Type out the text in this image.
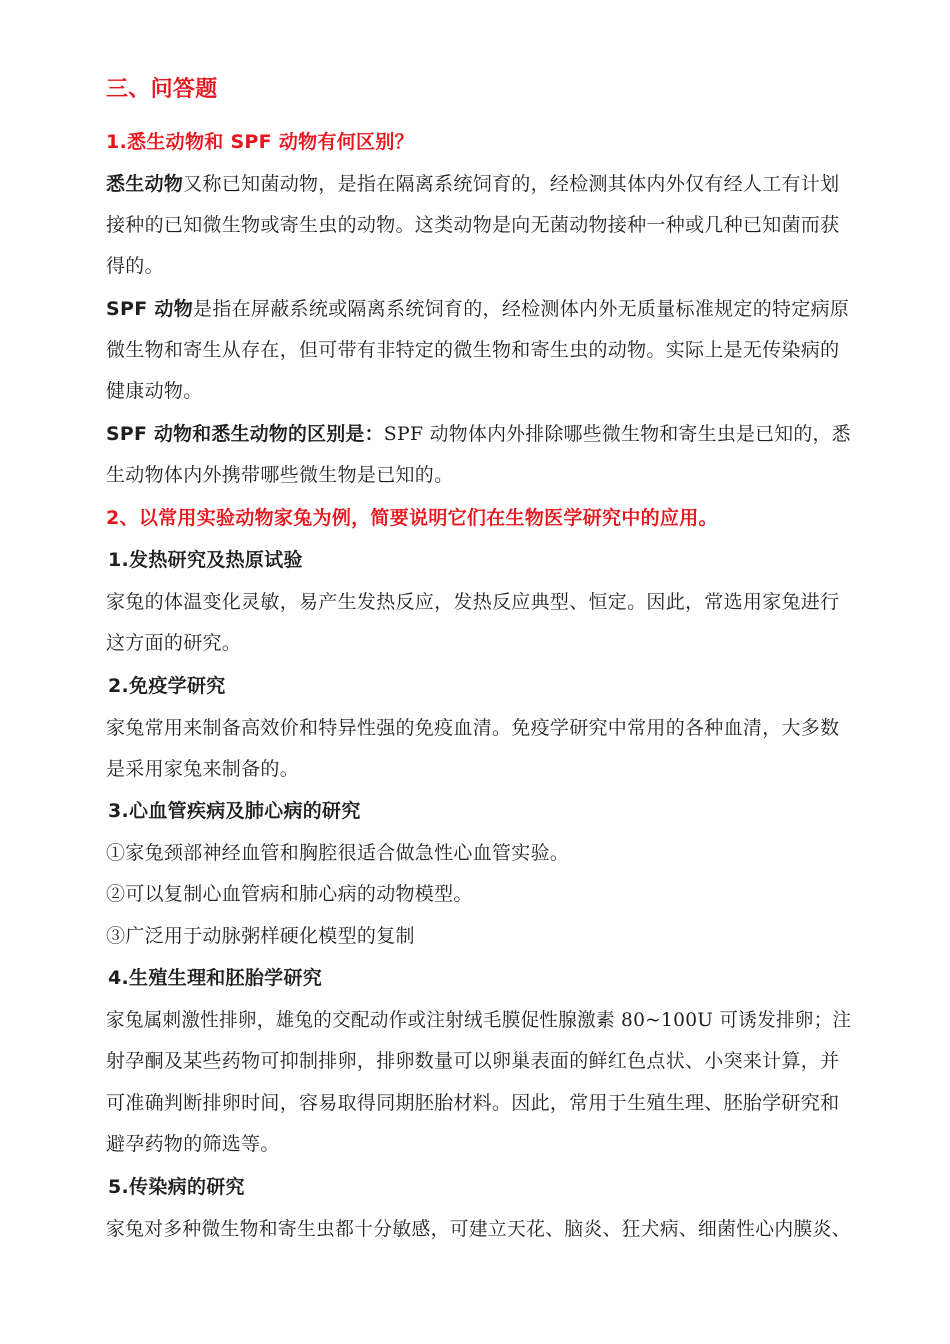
三、问答题
1.悉生动物和 SPF 动物有何区别？
悉生动物又称已知菌动物，是指在隔离系统饲育的，经检测其体内外仅有经人工有计划
接种的已知微生物或寄生虫的动物。这类动物是向无菌动物接种一种或几种已知菌而获
得的。
SPF 动物是指在屏蔽系统或隔离系统饲育的，经检测体内外无质量标准规定的特定病原
微生物和寄生从存在，但可带有非特定的微生物和寄生虫的动物。实际上是无传染病的
健康动物。
SPF 动物和悉生动物的区别是：SPF 动物体内外排除哪些微生物和寄生虫是已知的，悉
生动物体内外携带哪些微生物是已知的。
2、以常用实验动物家兔为例，简要说明它们在生物医学研究中的应用。
1.发热研究及热原试验
家兔的体温变化灵敏，易产生发热反应，发热反应典型、恒定。因此，常选用家兔进行
这方面的研究。
2.免疫学研究
家兔常用来制备高效价和特异性强的免疫血清。免疫学研究中常用的各种血清，大多数
是采用家兔来制备的。
3.心血管疾病及肺心病的研究
①家兔颈部神经血管和胸腔很适合做急性心血管实验。
②可以复制心血管病和肺心病的动物模型。
③广泛用于动脉粥样硬化模型的复制
4.生殖生理和胚胎学研究
家兔属刺激性排卵，雄兔的交配动作或注射绒毛膜促性腺激素 80~100U 可诱发排卵；注
射孕酮及某些药物可抑制排卵，排卵数量可以卵巢表面的鲜红色点状、小突来计算，并
可准确判断排卵时间，容易取得同期胚胎材料。因此，常用于生殖生理、胚胎学研究和
避孕药物的筛选等。
5.传染病的研究
家兔对多种微生物和寄生虫都十分敏感，可建立天花、脑炎、狂犬病、细菌性心内膜炎、
